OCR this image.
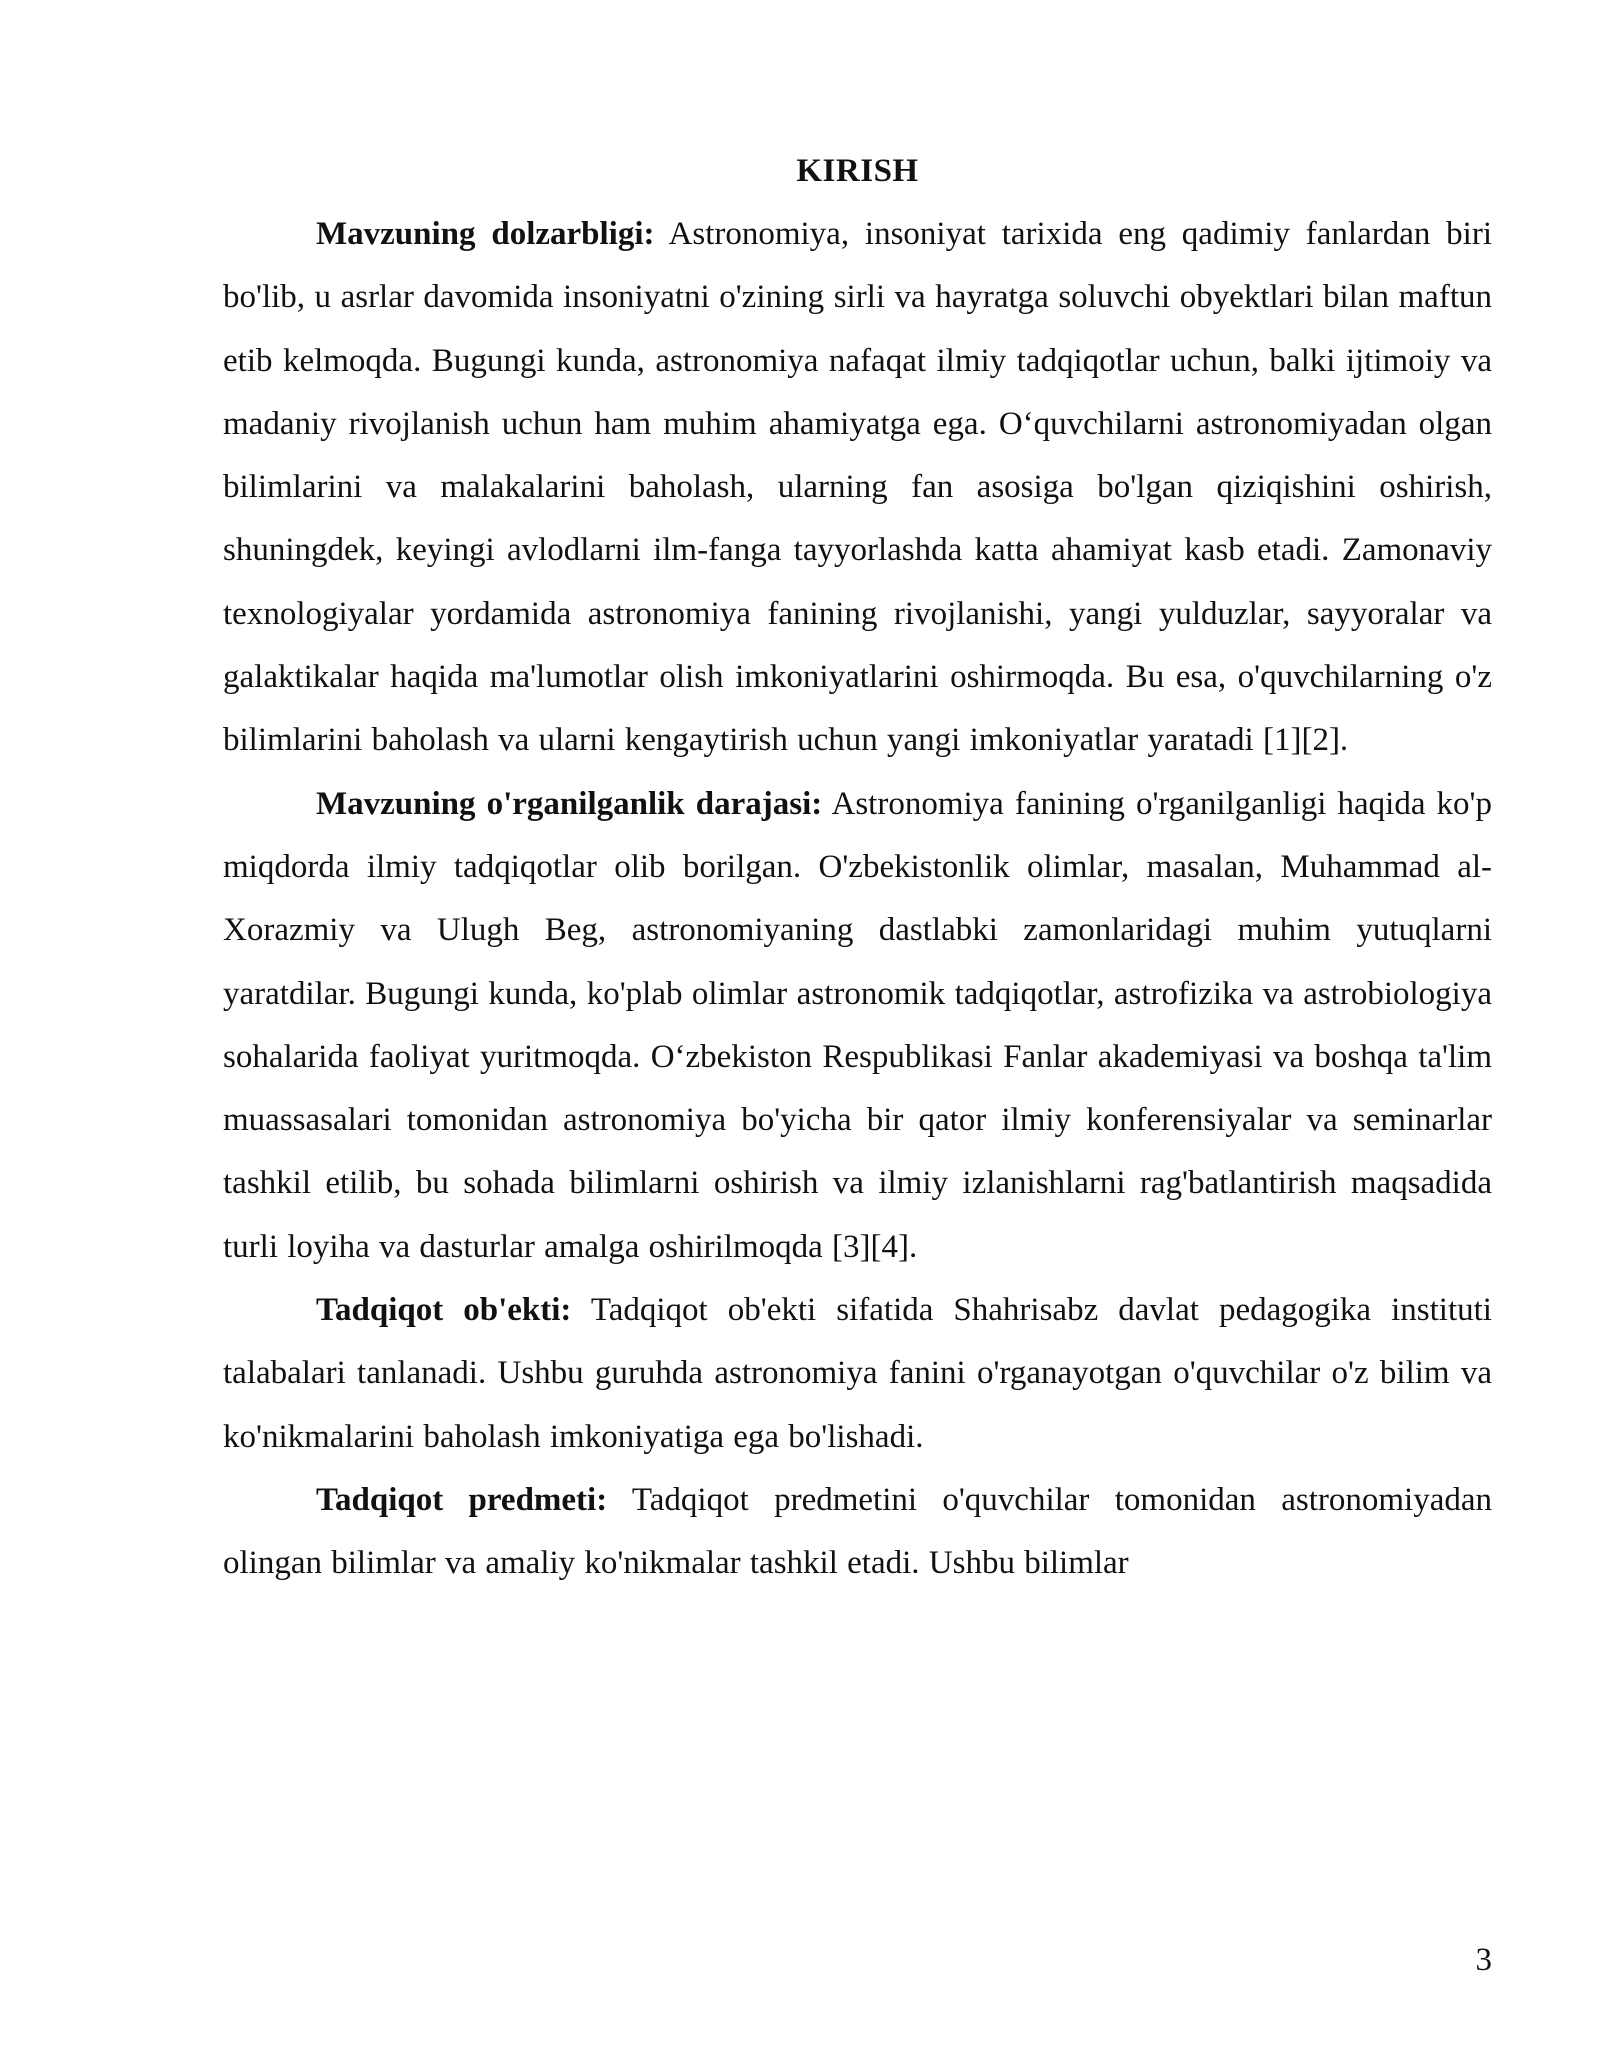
KIRISH

Mavzuning dolzarbligi: Astronomiya, insoniyat tarixida eng qadimiy fanlardan biri bo'lib, u asrlar davomida insoniyatni o'zining sirli va hayratga soluvchi obyektlari bilan maftun etib kelmoqda. Bugungi kunda, astronomiya nafaqat ilmiy tadqiqotlar uchun, balki ijtimoiy va madaniy rivojlanish uchun ham muhim ahamiyatga ega. O‘quvchilarni astronomiyadan olgan bilimlarini va malakalarini baholash, ularning fan asosiga bo'lgan qiziqishini oshirish, shuningdek, keyingi avlodlarni ilm-fanga tayyorlashda katta ahamiyat kasb etadi. Zamonaviy texnologiyalar yordamida astronomiya fanining rivojlanishi, yangi yulduzlar, sayyoralar va galaktikalar haqida ma'lumotlar olish imkoniyatlarini oshirmoqda. Bu esa, o'quvchilarning o'z bilimlarini baholash va ularni kengaytirish uchun yangi imkoniyatlar yaratadi [1][2].

Mavzuning o'rganilganlik darajasi: Astronomiya fanining o'rganilganligi haqida ko'p miqdorda ilmiy tadqiqotlar olib borilgan. O'zbekistonlik olimlar, masalan, Muhammad al-Xorazmiy va Ulugh Beg, astronomiyaning dastlabki zamonlaridagi muhim yutuqlarni yaratdilar. Bugungi kunda, ko'plab olimlar astronomik tadqiqotlar, astrofizika va astrobiologiya sohalarida faoliyat yuritmoqda. O‘zbekiston Respublikasi Fanlar akademiyasi va boshqa ta'lim muassasalari tomonidan astronomiya bo'yicha bir qator ilmiy konferensiyalar va seminarlar tashkil etilib, bu sohada bilimlarni oshirish va ilmiy izlanishlarni rag'batlantirish maqsadida turli loyiha va dasturlar amalga oshirilmoqda [3][4].

Tadqiqot ob'ekti: Tadqiqot ob'ekti sifatida Shahrisabz davlat pedagogika instituti talabalari tanlanadi. Ushbu guruhda astronomiya fanini o'rganayotgan o'quvchilar o'z bilim va ko'nikmalarini baholash imkoniyatiga ega bo'lishadi.

Tadqiqot predmeti: Tadqiqot predmetini o'quvchilar tomonidan astronomiyadan olingan bilimlar va amaliy ko'nikmalar tashkil etadi. Ushbu bilimlar

3
